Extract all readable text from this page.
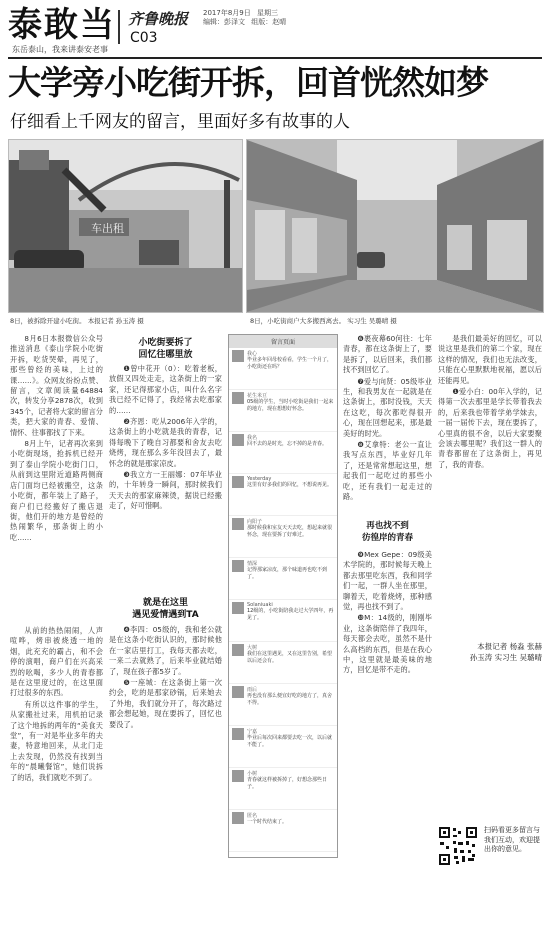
泰敢当
东岳泰山，我来讲泰安老事
齐鲁晚报
C03
2017年8月9日 星期三
编辑：彭泽文 组版：赵晴
大学旁小吃街开拆，回首恍然如梦
仔细看上千网友的留言，里面好多有故事的人
车出租
8日，被拆除开建小吃街。 本报记者 孙玉涛 摄	8日，小吃街商户大多搬西离去。 实习生 吴璐晴 摄

8月6日本报微信公众号推送消息《泰山学院小吃街开拆，吃货哭晕，再见了，那些曾经的美味，上过的课……》。众网友纷纷点赞、留言，文章阅读量64884次，转发分享2878次，收到345个，记者将大家的留言分类，把大家的青春、爱情、情怀、往事都找了下来。

8月上午，记者再次来到小吃街现场，抢拆机已经开到了泰山学院小吃街门口，从前到这里附近道路两侧商店门面均已经被搬空，这条小吃街，都年装上了路子，商户们已经搬好了搬店退街，他们开的地方是曾经的热闹繁华，那条街上的小吃……

从前的热热闹闹，人声喧哗，烤串被烧透一地的烟，此充充的霸占，和不会停的演唱，商户们在兴高采烈的吆喝，多少人的青春都是在这里度过的，在这里面打过很多的东西。

有所以这件事的学生，从家搬社过来，用机拍记录了这个地拆的两年的“美食天堂”，有一对是毕业多年的夫妻，特意地回来，从北门走上去发现，仍然没有找到当年的“晨曦餐馆”，她们说拆了的话，我们就吃不到了。

小吃街要拆了
回忆往哪里放

❶曾中花开（0）：吃着老板，放假又四处走走，这条街上的一家家，还记得那家小店，叫什么名字我已经不记得了，我经常去吃那家的……

❷齐恩：吃从2006年入学的，这条街上的小吃就是我的青春，记得每晚下了晚自习都要和舍友去吃烧烤，现在那么多年没回去了，最怀念的就是那家凉皮。

❸我立方一王丽娜：07年毕业的，十年转身一瞬间，那时候我们天天去的那家麻辣烫，据说已经搬走了，好可惜啊。

就是在这里
遇见爱情遇到TA

❹李四：05级的，我和老公就是在这条小吃街认识的，那时候他在一家店里打工，我每天都去吃，一来二去就熟了，后来毕业就结婚了，现在孩子都5岁了。

❺一座城：在这条街上第一次约会，吃的是那家砂锅，后来她去了外地，我们就分开了，每次路过都会想起她，现在要拆了，回忆也要没了。

留言页面
我心
毕业多年回母校看看，学生一个月了，小吃街还在吗？
花生米豆
05级的学生，当时小吃街是我们一起来的地方，现在想想好怀念。
我名
回不去的是时光，忘不掉的是青春。
Yesterday
这里有好多我们的回忆，不想说再见。
向阳子
那时候我和室友天天去吃，想起来就很怀念，现在要拆了好难过。
情深
记得那家凉皮，那个味道再也吃不到了。
Solaniuaki
12级的，小吃街陪我走过大学四年，再见了。
大树
我们在这里遇见，又在这里告别，希望以后还会有。
雨后
再也没有那么便宜好吃的地方了，真舍不得。
宁嘉
毕业后每次回来都要去吃一次，以后就不能了。
小树
青春就这样被拆掉了，好想念那些日子。
匿名
一个时代结束了。

❻裹夜幕60何往：七年青春，都在这条街上了，要是拆了，以后回来，我们都找不到回忆了。

❼爱与向贤：05级毕业生，和我男友在一起就是在这条街上，那时没钱，天天在这吃，每次都吃得很开心，现在回想起来，那是最美好的时光。

❽艾拿特：老公一直让我写点东西，毕业好几年了，还是常常想起这里，想起我们一起吃过的那些小吃，还有我们一起走过的路。

再也找不到
彷徨岸的青春

❾Mex Gepe：09级美术学院的，那时候每天晚上都去那里吃东西，我和同学们一起，一群人坐在那里，聊着天，吃着烧烤，那种感觉，再也找不到了。

❿M：14级的，刚刚毕业，这条街陪伴了我四年，每天都会去吃，虽然不是什么高档的东西，但是在我心中，这里就是最美味的地方，回忆是带不走的。

是我们最美好的回忆，可以说这里是我们的第二个家，现在这样的情况，我们也无法改变，只能在心里默默地祝福，愿以后还能再见。

❶爱小白：00年入学的，记得第一次去那里是学长带着我去的，后来我也带着学弟学妹去，一届一届传下去，现在要拆了，心里真的很不舍，以后大家要聚会该去哪里呢？我们这一群人的青春都留在了这条街上，再见了，我的青春。

本报记者 杨淼 张赫
孙玉涛 实习生 吴璐晴
扫码看更多留言与我们互动，欢迎提出你的意见。
